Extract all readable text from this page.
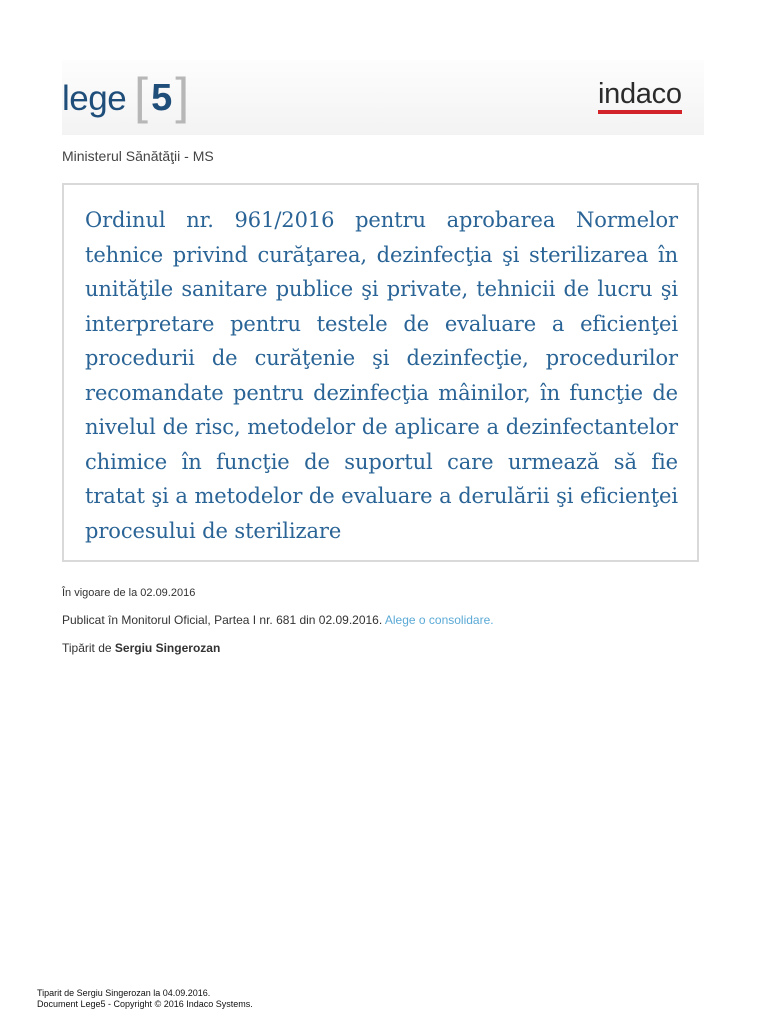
lege [ 5 ]	indaco
Ministerul Sănătăţii - MS

Ordinul nr. 961/2016 pentru aprobarea Normelor tehnice privind curăţarea, dezinfecţia şi sterilizarea în unităţile sanitare publice şi private, tehnicii de lucru şi interpretare pentru testele de evaluare a eficienţei procedurii de curăţenie şi dezinfecţie, procedurilor recomandate pentru dezinfecţia mâinilor, în funcţie de nivelul de risc, metodelor de aplicare a dezinfectantelor chimice în funcţie de suportul care urmează să fie tratat şi a metodelor de evaluare a derulării şi eficienţei procesului de sterilizare

În vigoare de la 02.09.2016
Publicat în Monitorul Oficial, Partea I nr. 681 din 02.09.2016. Alege o consolidare.
Tipărit de Sergiu Singerozan
Tiparit de Sergiu Singerozan la 04.09.2016.
Document Lege5 - Copyright © 2016 Indaco Systems.
